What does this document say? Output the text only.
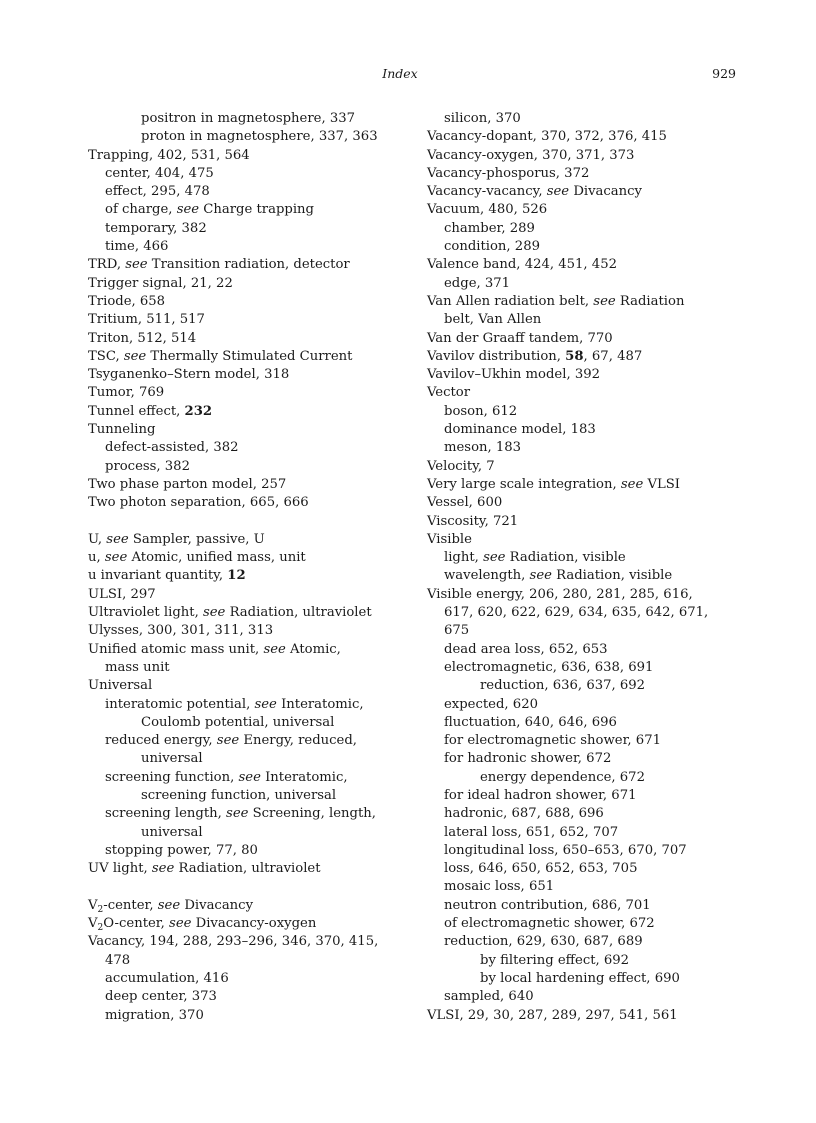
Index	929
positron in magnetosphere, 337
proton in magnetosphere, 337, 363
Trapping, 402, 531, 564
center, 404, 475
effect, 295, 478
of charge, see Charge trapping
temporary, 382
time, 466
TRD, see Transition radiation, detector
Trigger signal, 21, 22
Triode, 658
Tritium, 511, 517
Triton, 512, 514
TSC, see Thermally Stimulated Current
Tsyganenko–Stern model, 318
Tumor, 769
Tunnel effect, 232
Tunneling
defect-assisted, 382
process, 382
Two phase parton model, 257
Two photon separation, 665, 666
U, see Sampler, passive, U
u, see Atomic, unified mass, unit
u invariant quantity, 12
ULSI, 297
Ultraviolet light, see Radiation, ultraviolet
Ulysses, 300, 301, 311, 313
Unified atomic mass unit, see Atomic,
mass unit
Universal
interatomic potential, see Interatomic,
Coulomb potential, universal
reduced energy, see Energy, reduced,
universal
screening function, see Interatomic,
screening function, universal
screening length, see Screening, length,
universal
stopping power, 77, 80
UV light, see Radiation, ultraviolet
$V_2$-center, see Divacancy
$V_2O$-center, see Divacancy-oxygen
Vacancy, 194, 288, 293–296, 346, 370, 415,
478
accumulation, 416
deep center, 373
migration, 370
silicon, 370
Vacancy-dopant, 370, 372, 376, 415
Vacancy-oxygen, 370, 371, 373
Vacancy-phosporus, 372
Vacancy-vacancy, see Divacancy
Vacuum, 480, 526
chamber, 289
condition, 289
Valence band, 424, 451, 452
edge, 371
Van Allen radiation belt, see Radiation
belt, Van Allen
Van der Graaff tandem, 770
Vavilov distribution, 58, 67, 487
Vavilov–Ukhin model, 392
Vector
boson, 612
dominance model, 183
meson, 183
Velocity, 7
Very large scale integration, see VLSI
Vessel, 600
Viscosity, 721
Visible
light, see Radiation, visible
wavelength, see Radiation, visible
Visible energy, 206, 280, 281, 285, 616,
617, 620, 622, 629, 634, 635, 642, 671,
675
dead area loss, 652, 653
electromagnetic, 636, 638, 691
reduction, 636, 637, 692
expected, 620
fluctuation, 640, 646, 696
for electromagnetic shower, 671
for hadronic shower, 672
energy dependence, 672
for ideal hadron shower, 671
hadronic, 687, 688, 696
lateral loss, 651, 652, 707
longitudinal loss, 650–653, 670, 707
loss, 646, 650, 652, 653, 705
mosaic loss, 651
neutron contribution, 686, 701
of electromagnetic shower, 672
reduction, 629, 630, 687, 689
by filtering effect, 692
by local hardening effect, 690
sampled, 640
VLSI, 29, 30, 287, 289, 297, 541, 561
